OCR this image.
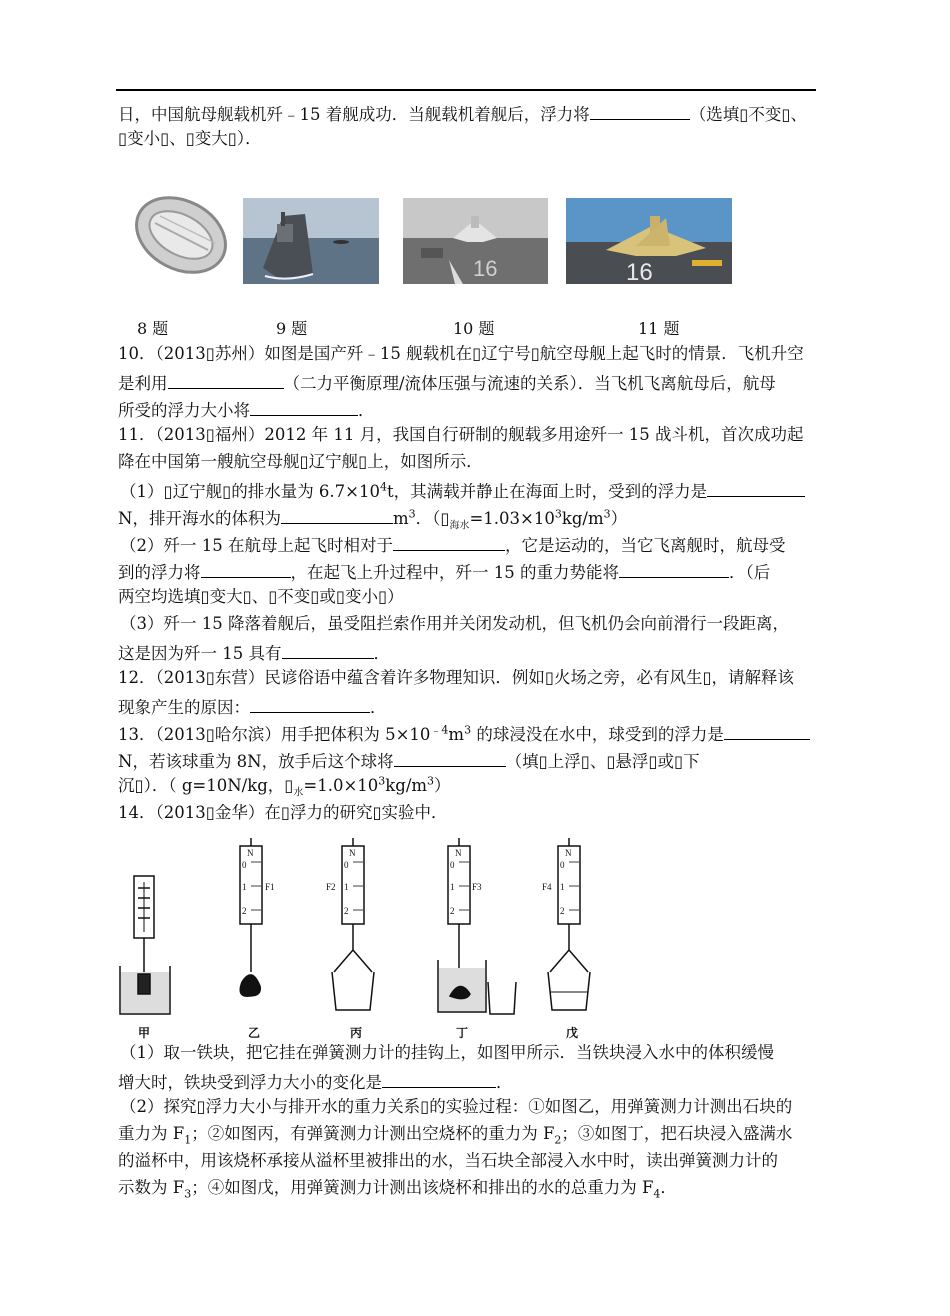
日，中国航母舰载机歼﹣15 着舰成功．当舰载机着舰后，浮力将	（选填▯不变▯、
▯变小▯、▯变大▯）．
16	16
8 题	9 题	10 题	11 题
10．（2013▯苏州）如图是国产歼﹣15 舰载机在▯辽宁号▯航空母舰上起飞时的情景．飞机升空
是利用	（二力平衡原理/流体压强与流速的关系）．当飞机飞离航母后，航母
所受的浮力大小将	．
11．（2013▯福州）2012 年 11 月，我国自行研制的舰载多用途歼一 15 战斗机，首次成功起
降在中国第一艘航空母舰▯辽宁舰▯上，如图所示．
（1）▯辽宁舰▯的排水量为 $6.7\times 10^4t$，其满载并静止在海面上时，受到的浮力是
N，排开海水的体积为	$m^3$．$(▯_{海水}=1.03\times 10^3kg/m^3)$
（2）歼一 15 在航母上起飞时相对于	，它是运动的，当它飞离舰时，航母受
到的浮力将	，在起飞上升过程中，歼一 15 的重力势能将	．（后
两空均选填▯变大▯、▯不变▯或▯变小▯）
（3）歼一 15 降落着舰后，虽受阻拦索作用并关闭发动机，但飞机仍会向前滑行一段距离，
这是因为歼一 15 具有	．
12．（2013▯东营）民谚俗语中蕴含着许多物理知识．例如▯火场之旁，必有风生▯，请解释该
现象产生的原因：	．
13．（2013▯哈尔滨）用手把体积为 $5\times 10^{﹣4}m^3$ 的球浸没在水中，球受到的浮力是
N，若该球重为 8N，放手后这个球将	（填▯上浮▯、▯悬浮▯或▯下
沉▯）．（ g=10N/kg，$▯_水=1.0\times 10^3kg/m^3$）
14．（2013▯金华）在▯浮力的研究▯实验中．
N	N	N	N
0
1
2
0
1
2
0
1
2
0
1
2
F1	F2	F3	F4
甲	乙	丙	丁	戊
（1）取一铁块，把它挂在弹簧测力计的挂钩上，如图甲所示．当铁块浸入水中的体积缓慢
增大时，铁块受到浮力大小的变化是	．
（2）探究▯浮力大小与排开水的重力关系▯的实验过程：①如图乙，用弹簧测力计测出石块的
重力为 $F_1$；②如图丙，有弹簧测力计测出空烧杯的重力为 $F_2$；③如图丁，把石块浸入盛满水
的溢杯中，用该烧杯承接从溢杯里被排出的水，当石块全部浸入水中时，读出弹簧测力计的
示数为 $F_3$；④如图戊，用弹簧测力计测出该烧杯和排出的水的总重力为 $F_4$．
